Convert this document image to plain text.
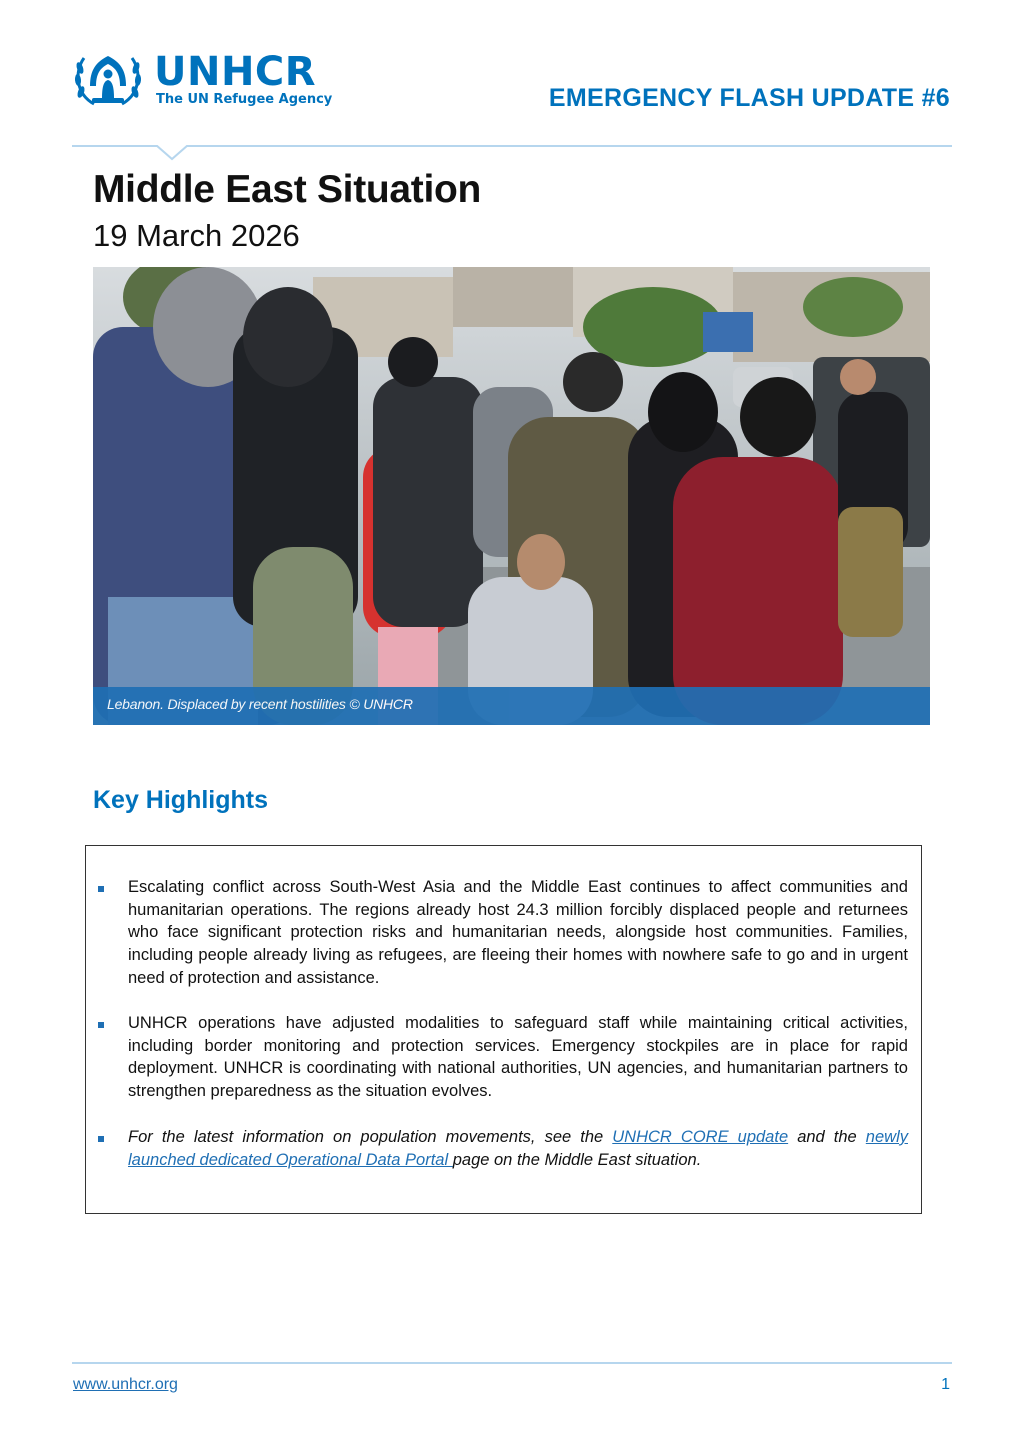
UNHCR
The UN Refugee Agency	EMERGENCY FLASH UPDATE #6
Middle East Situation
19 March 2026
Lebanon. Displaced by recent hostilities © UNHCR
Key Highlights
Escalating conflict across South-West Asia and the Middle East continues to affect communities and humanitarian operations. The regions already host 24.3 million forcibly displaced people and returnees who face significant protection risks and humanitarian needs, alongside host communities. Families, including people already living as refugees, are fleeing their homes with nowhere safe to go and in urgent need of protection and assistance.
UNHCR operations have adjusted modalities to safeguard staff while maintaining critical activities, including border monitoring and protection services. Emergency stockpiles are in place for rapid deployment. UNHCR is coordinating with national authorities, UN agencies, and humanitarian partners to strengthen preparedness as the situation evolves.
For the latest information on population movements, see the UNHCR CORE update and the newly launched dedicated Operational Data Portal page on the Middle East situation.
www.unhcr.org	1
